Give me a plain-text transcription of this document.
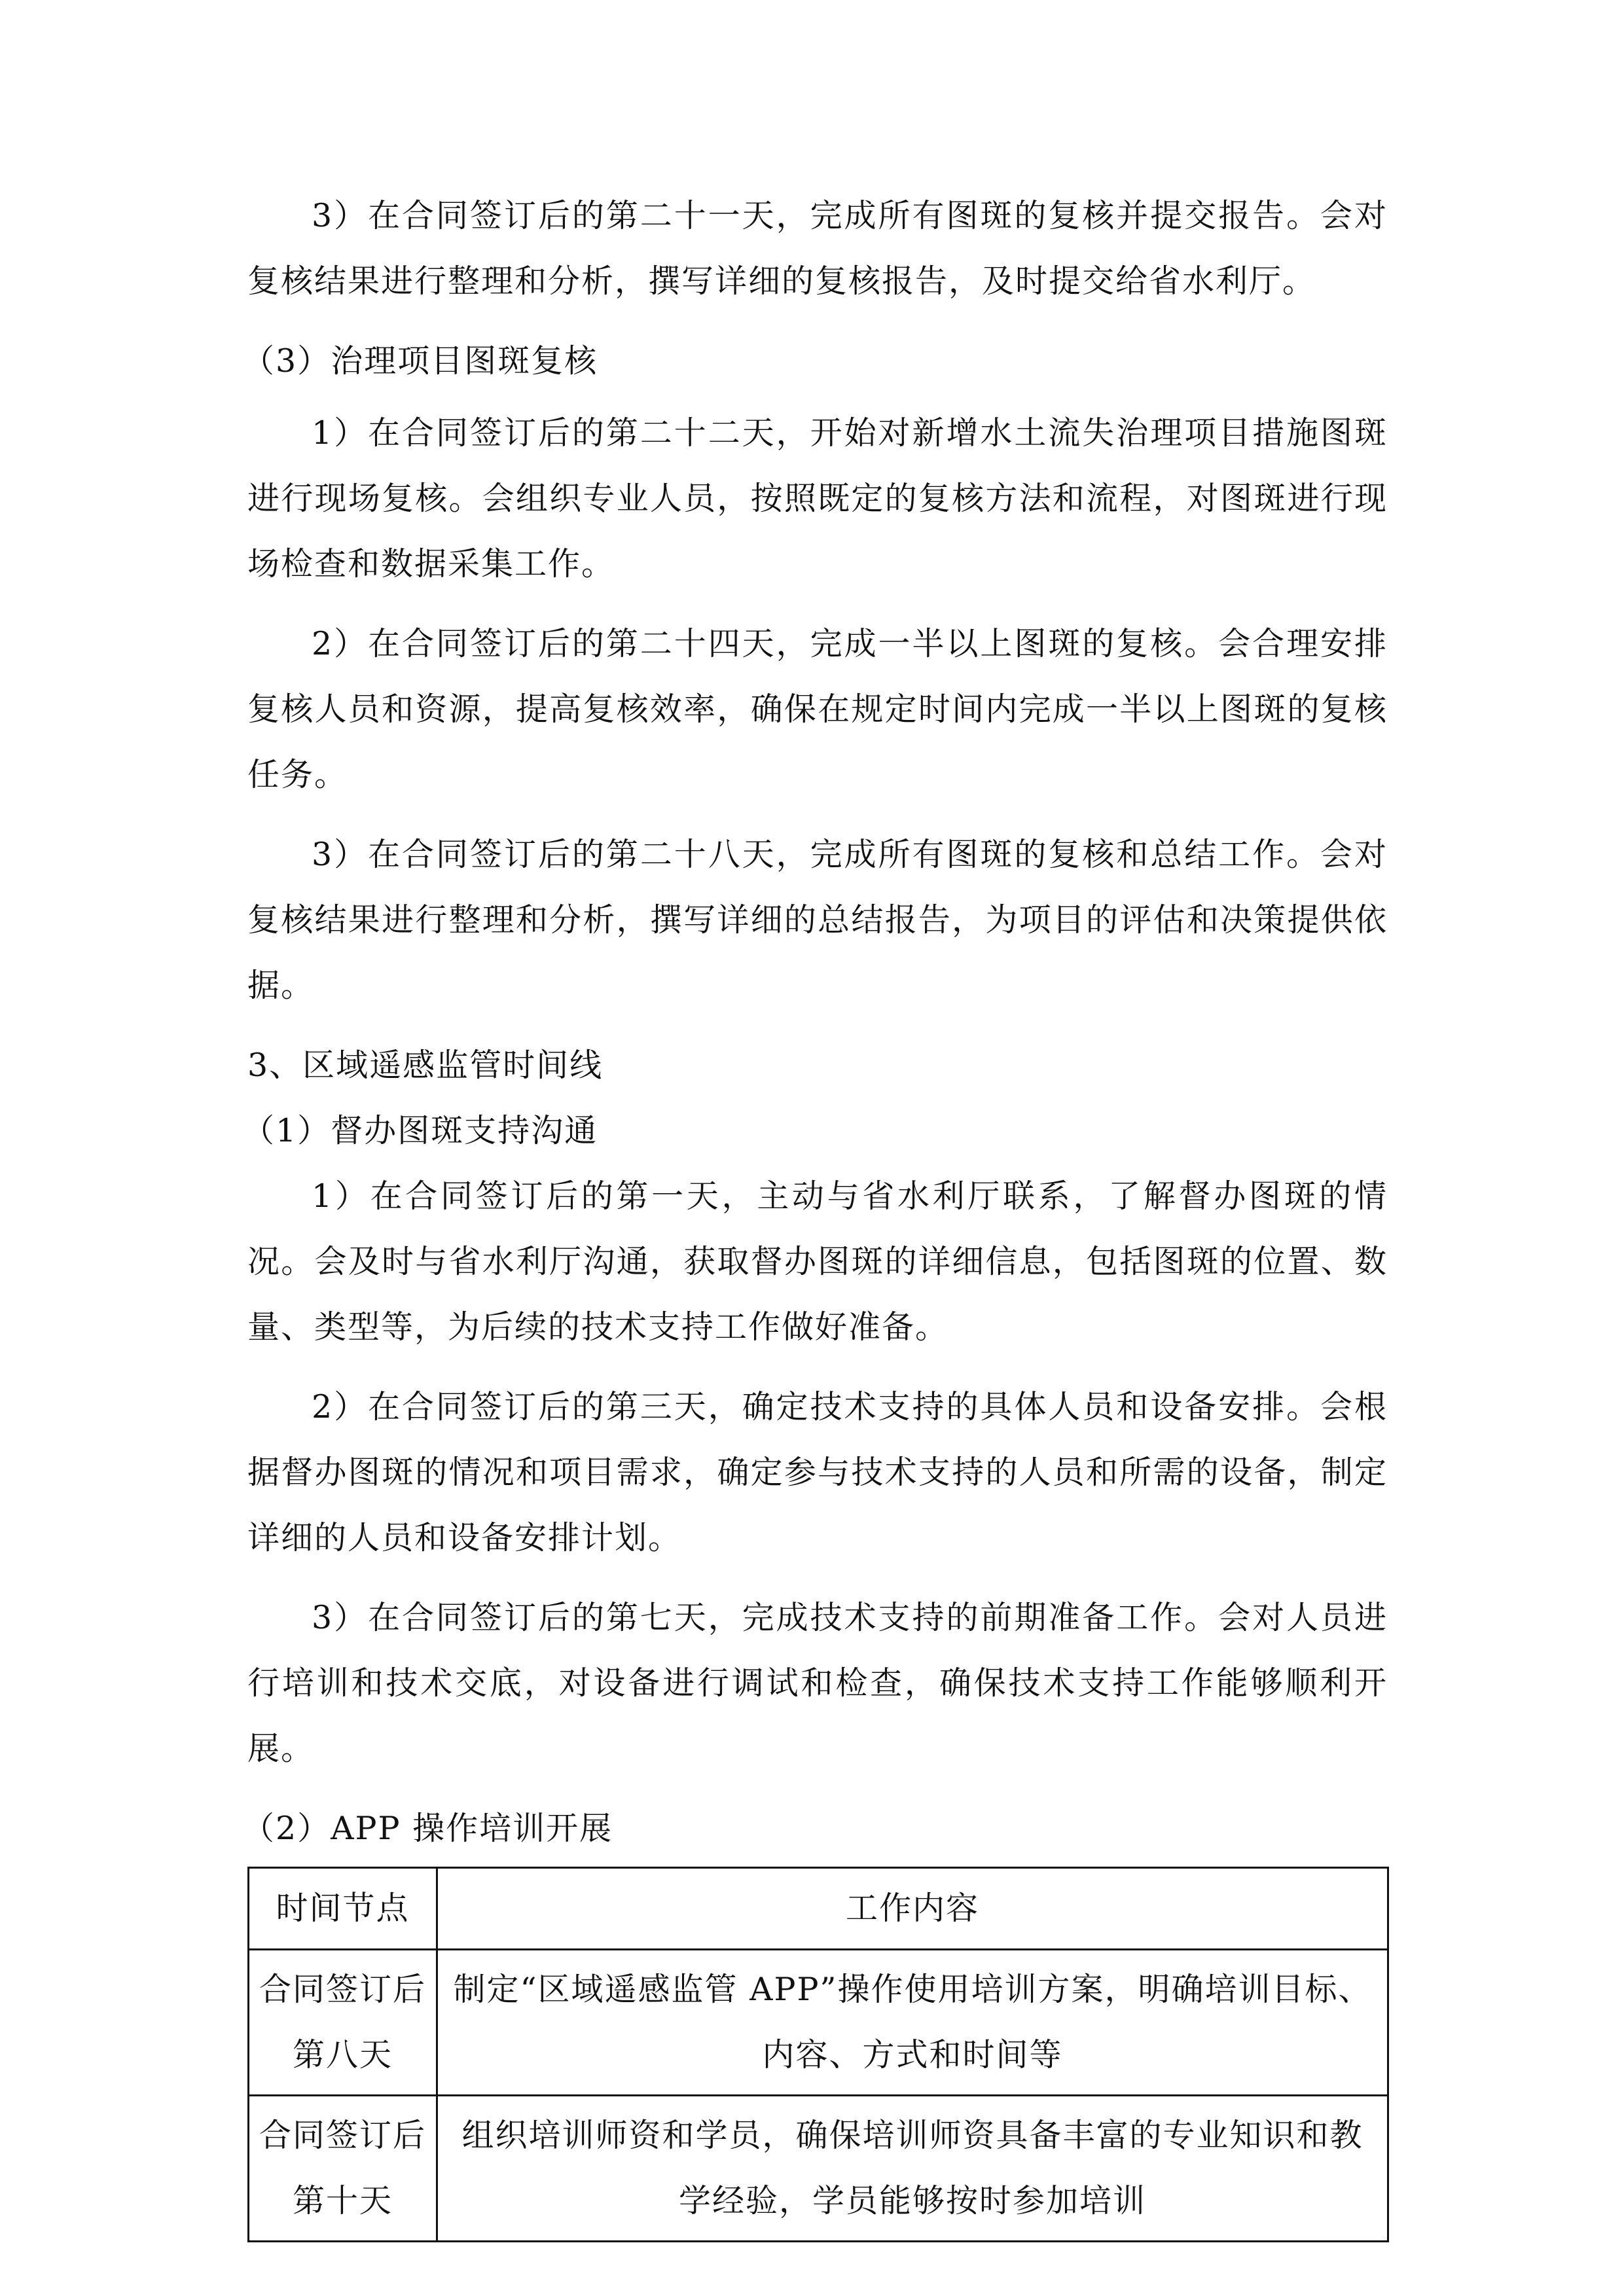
3）在合同签订后的第二十一天，完成所有图斑的复核并提交报告。会对复核结果进行整理和分析，撰写详细的复核报告，及时提交给省水利厅。

（3）治理项目图斑复核

1）在合同签订后的第二十二天，开始对新增水土流失治理项目措施图斑进行现场复核。会组织专业人员，按照既定的复核方法和流程，对图斑进行现场检查和数据采集工作。

2）在合同签订后的第二十四天，完成一半以上图斑的复核。会合理安排复核人员和资源，提高复核效率，确保在规定时间内完成一半以上图斑的复核任务。

3）在合同签订后的第二十八天，完成所有图斑的复核和总结工作。会对复核结果进行整理和分析，撰写详细的总结报告，为项目的评估和决策提供依据。

3、区域遥感监管时间线
（1）督办图斑支持沟通

1）在合同签订后的第一天，主动与省水利厅联系，了解督办图斑的情况。会及时与省水利厅沟通，获取督办图斑的详细信息，包括图斑的位置、数量、类型等，为后续的技术支持工作做好准备。

2）在合同签订后的第三天，确定技术支持的具体人员和设备安排。会根据督办图斑的情况和项目需求，确定参与技术支持的人员和所需的设备，制定详细的人员和设备安排计划。

3）在合同签订后的第七天，完成技术支持的前期准备工作。会对人员进行培训和技术交底，对设备进行调试和检查，确保技术支持工作能够顺利开展。

（2）APP 操作培训开展
时间节点	工作内容
合同签订后第八天	制定“区域遥感监管 APP”操作使用培训方案，明确培训目标、内容、方式和时间等
合同签订后第十天	组织培训师资和学员，确保培训师资具备丰富的专业知识和教学经验，学员能够按时参加培训
